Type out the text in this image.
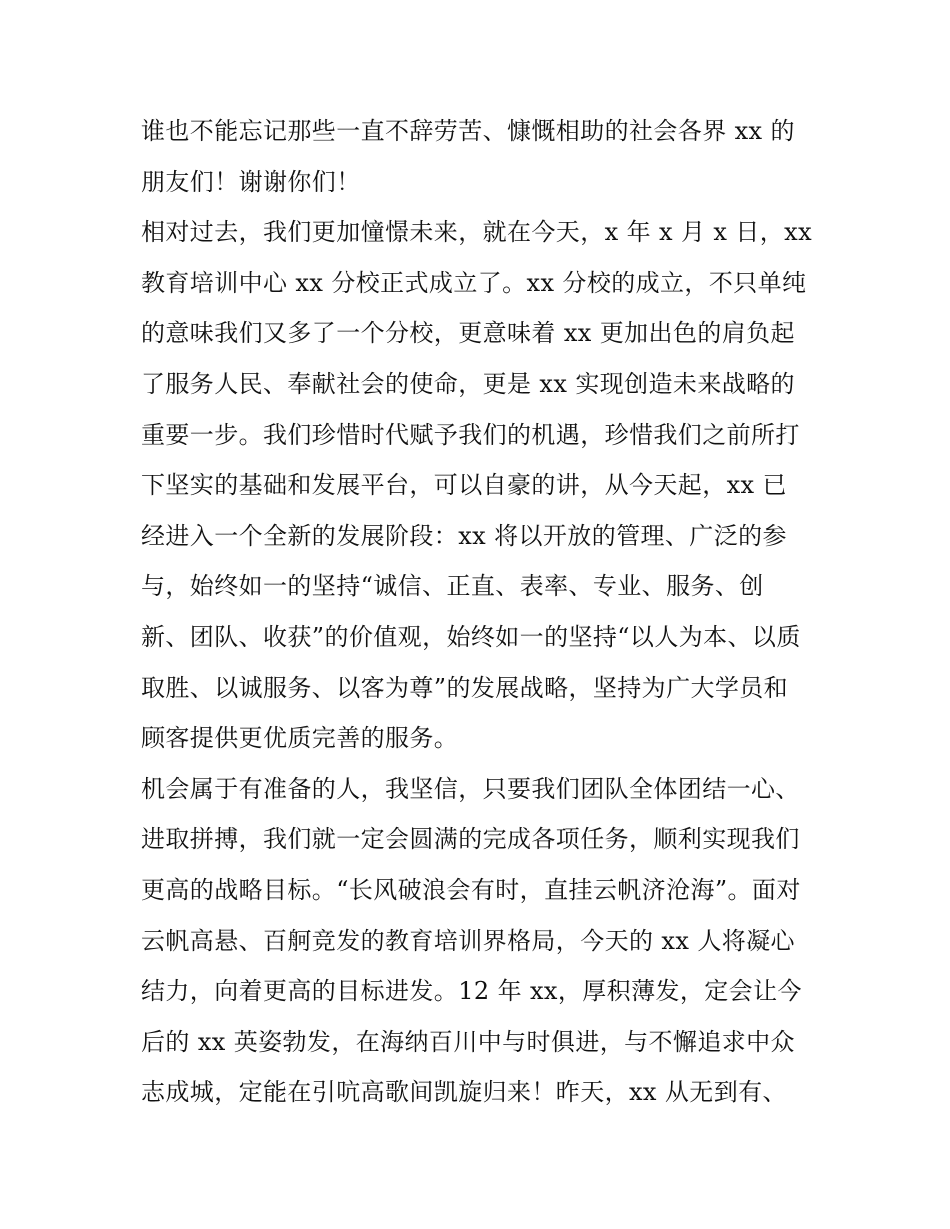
谁也不能忘记那些一直不辞劳苦、慷慨相助的社会各界 xx 的
朋友们！谢谢你们！
相对过去，我们更加憧憬未来，就在今天，x 年 x 月 x 日，xx
教育培训中心 xx 分校正式成立了。xx 分校的成立，不只单纯
的意味我们又多了一个分校，更意味着 xx 更加出色的肩负起
了服务人民、奉献社会的使命，更是 xx 实现创造未来战略的
重要一步。我们珍惜时代赋予我们的机遇，珍惜我们之前所打
下坚实的基础和发展平台，可以自豪的讲，从今天起，xx 已
经进入一个全新的发展阶段：xx 将以开放的管理、广泛的参
与，始终如一的坚持“诚信、正直、表率、专业、服务、创
新、团队、收获”的价值观，始终如一的坚持“以人为本、以质
取胜、以诚服务、以客为尊”的发展战略，坚持为广大学员和
顾客提供更优质完善的服务。
机会属于有准备的人，我坚信，只要我们团队全体团结一心、
进取拼搏，我们就一定会圆满的完成各项任务，顺利实现我们
更高的战略目标。“长风破浪会有时，直挂云帆济沧海”。面对
云帆高悬、百舸竞发的教育培训界格局，今天的 xx 人将凝心
结力，向着更高的目标进发。12 年 xx，厚积薄发，定会让今
后的 xx 英姿勃发，在海纳百川中与时俱进，与不懈追求中众
志成城，定能在引吭高歌间凯旋归来！昨天，xx 从无到有、
